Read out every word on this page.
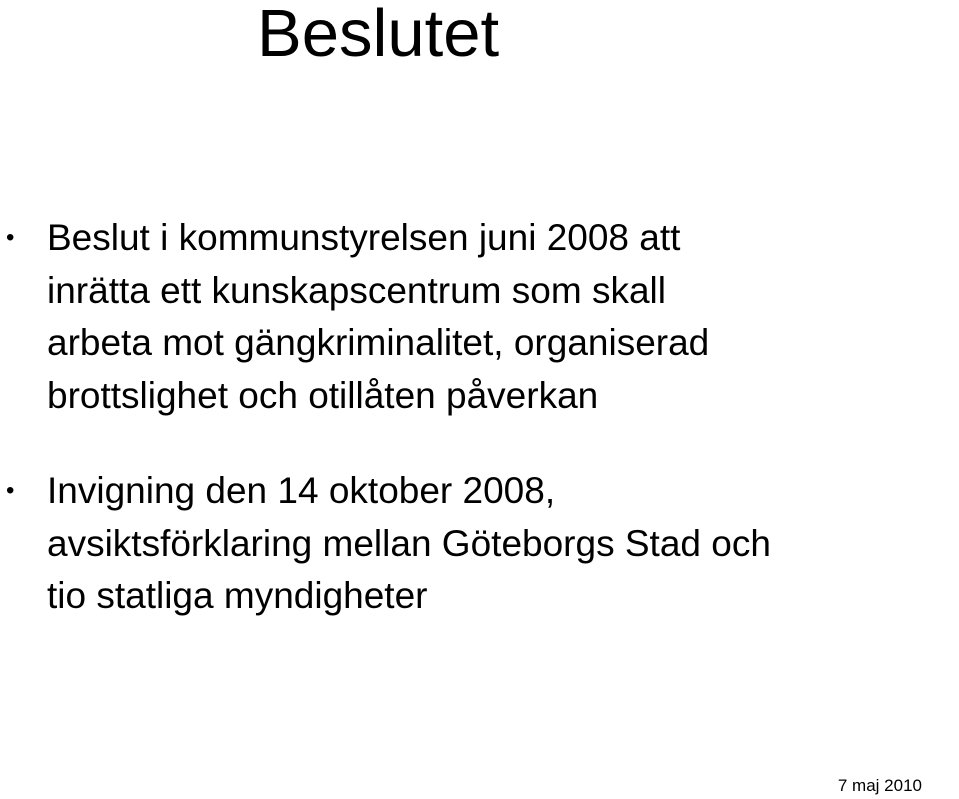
Beslutet
• Beslut i kommunstyrelsen juni 2008 att
inrätta ett kunskapscentrum som skall
arbeta mot gängkriminalitet, organiserad
brottslighet och otillåten påverkan
• Invigning den 14 oktober 2008,
avsiktsförklaring mellan Göteborgs Stad och
tio statliga myndigheter
7 maj 2010
